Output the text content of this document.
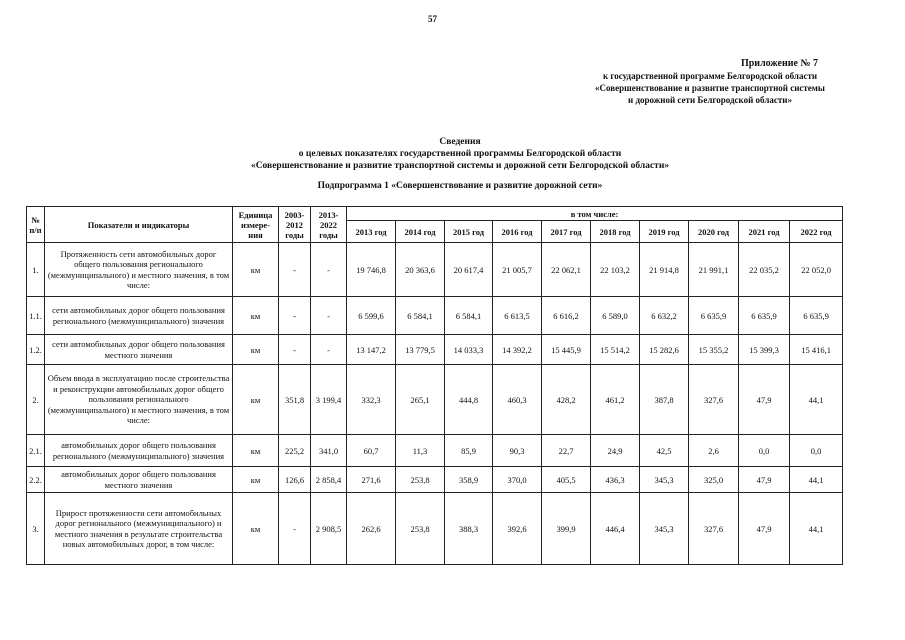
57
Приложение № 7
к государственной программе Белгородской области
«Совершенствование и развитие транспортной системы
и дорожной сети Белгородской области»
Сведения
о целевых показателях государственной программы Белгородской области
«Совершенствование и развитие транспортной системы и дорожной сети Белгородской области»
Подпрограмма 1 «Совершенствование и развитие дорожной сети»
№ п/п	Показатели и индикаторы	Единица измере-ния	2003-2012 годы	2013-2022 годы	в том числе:									
					2013 год	2014 год	2015 год	2016 год	2017 год	2018 год	2019 год	2020 год	2021 год	2022 год
1.	Протяженность сети автомобильных дорог общего пользования регионального (межмуниципального) и местного значения, в том числе:	км	-	-	19 746,8	20 363,6	20 617,4	21 005,7	22 062,1	22 103,2	21 914,8	21 991,1	22 035,2	22 052,0
1.1.	сети автомобильных дорог общего пользования регионального (межмуниципального) значения	км	-	-	6 599,6	6 584,1	6 584,1	6 613,5	6 616,2	6 589,0	6 632,2	6 635,9	6 635,9	6 635,9
1.2.	сети автомобильных дорог общего пользования местного значения	км	-	-	13 147,2	13 779,5	14 033,3	14 392,2	15 445,9	15 514,2	15 282,6	15 355,2	15 399,3	15 416,1
2.	Объем ввода в эксплуатацию после строительства и реконструкции автомобильных дорог общего пользования регионального (межмуниципального) и местного значения, в том числе:	км	351,8	3 199,4	332,3	265,1	444,8	460,3	428,2	461,2	387,8	327,6	47,9	44,1
2.1.	автомобильных дорог общего пользования регионального (межмуниципального) значения	км	225,2	341,0	60,7	11,3	85,9	90,3	22,7	24,9	42,5	2,6	0,0	0,0
2.2.	автомобильных дорог общего пользования местного значения	км	126,6	2 858,4	271,6	253,8	358,9	370,0	405,5	436,3	345,3	325,0	47,9	44,1
3.	Прирост протяженности сети автомобильных дорог регионального (межмуниципального) и местного значения в результате строительства новых автомобильных дорог, в том числе:	км	-	2 908,5	262,6	253,8	388,3	392,6	399,9	446,4	345,3	327,6	47,9	44,1
